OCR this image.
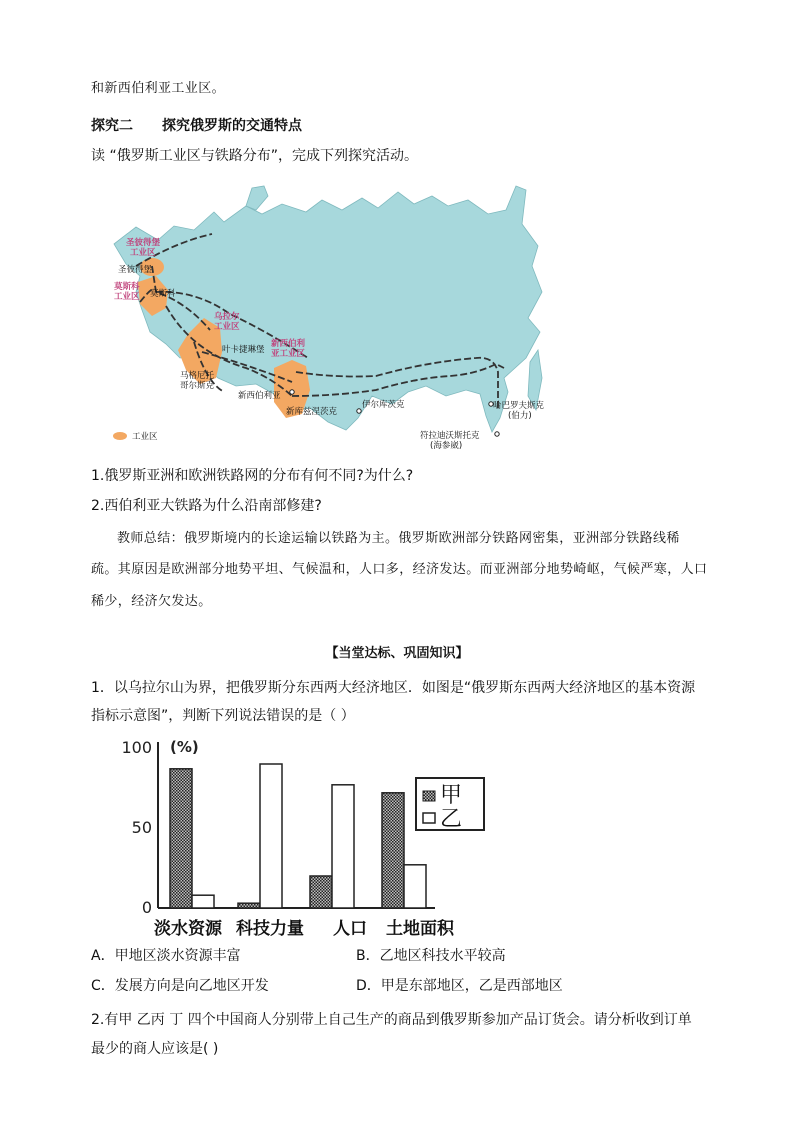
和新西伯利亚工业区。
探究二 探究俄罗斯的交通特点
读 “俄罗斯工业区与铁路分布”，完成下列探究活动。
圣彼得堡
工业区
莫斯科
工业区
乌拉尔
工业区
新西伯利
亚工业区
圣彼得堡
莫斯科
叶卡捷琳堡
马格尼托
哥尔斯克
新西伯利亚
新库兹涅茨克
伊尔库茨克	哈巴罗夫斯克
(伯力)
符拉迪沃斯托克
(海参崴)
工业区
1.俄罗斯亚洲和欧洲铁路网的分布有何不同?为什么?
2.西伯利亚大铁路为什么沿南部修建?
教师总结：俄罗斯境内的长途运输以铁路为主。俄罗斯欧洲部分铁路网密集，亚洲部分铁路线稀
疏。其原因是欧洲部分地势平坦、气候温和，人口多，经济发达。而亚洲部分地势崎岖，气候严寒，人口
稀少，经济欠发达。
【当堂达标、巩固知识】
1．以乌拉尔山为界，把俄罗斯分东西两大经济地区．如图是“俄罗斯东西两大经济地区的基本资源
指标示意图”，判断下列说法错误的是（ ）
0
50
100 (%)
淡水资源 科技力量 人口 土地面积
甲
乙
A．甲地区淡水资源丰富	B．乙地区科技水平较高
C．发展方向是向乙地区开发	D．甲是东部地区，乙是西部地区
2.有甲 乙丙 丁 四个中国商人分别带上自己生产的商品到俄罗斯参加产品订货会。请分析收到订单
最少的商人应该是( )
